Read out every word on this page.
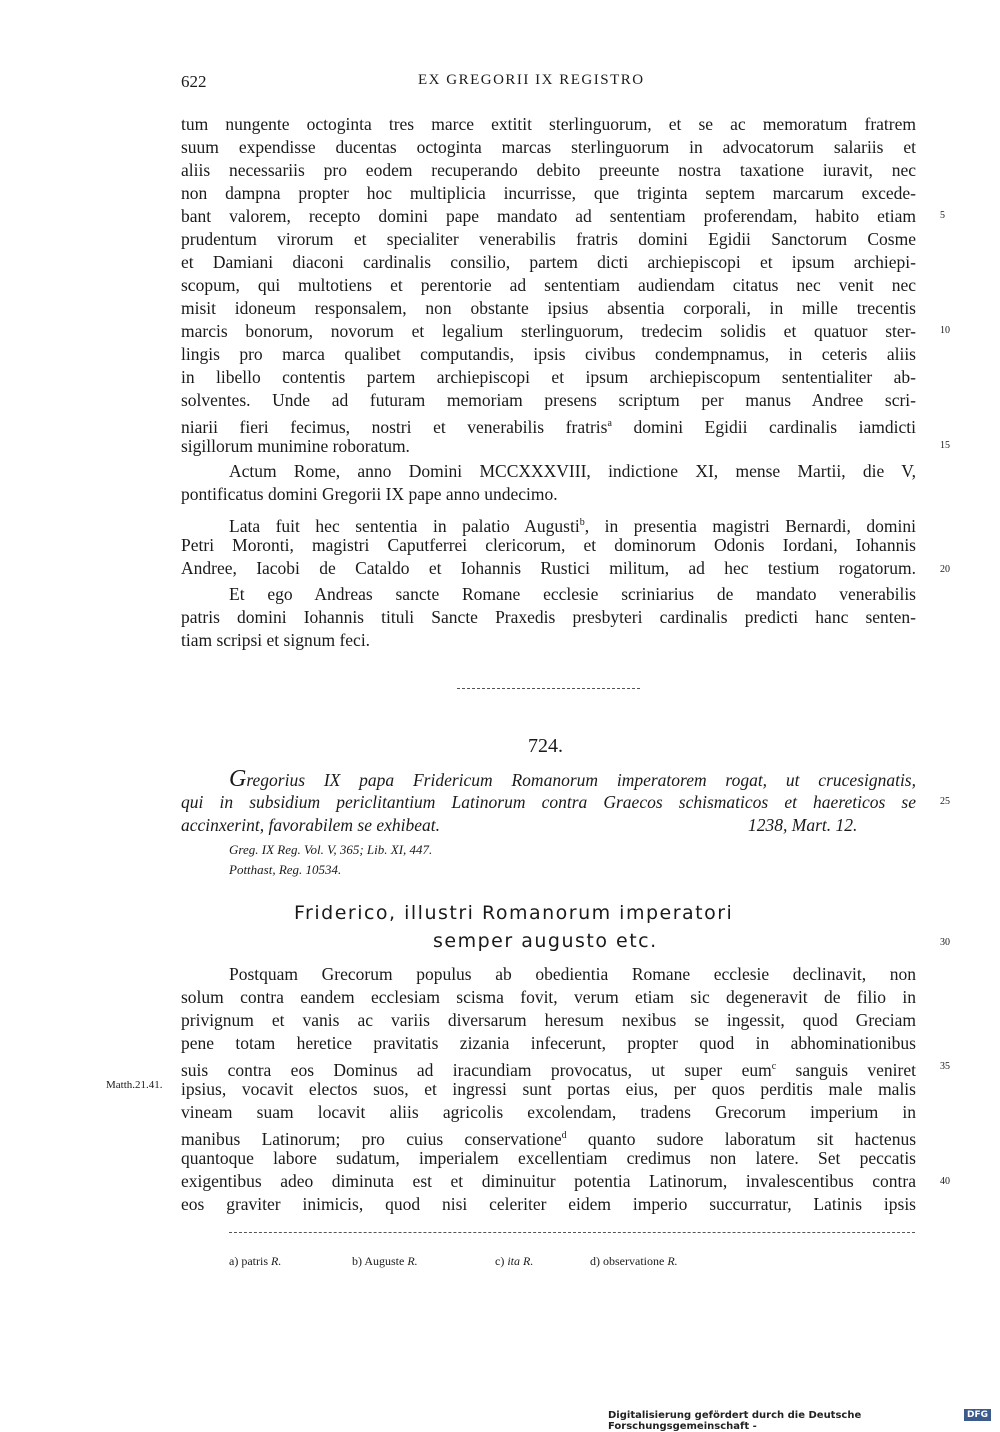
622	EX GREGORII IX REGISTRO
tum nungente octoginta tres marce extitit sterlinguorum, et se ac memoratum fratrem
suum expendisse ducentas octoginta marcas sterlinguorum in advocatorum salariis et
aliis necessariis pro eodem recuperando debito preeunte nostra taxatione iuravit, nec
non dampna propter hoc multiplicia incurrisse, que triginta septem marcarum excede-
bant valorem, recepto domini pape mandato ad sententiam proferendam, habito etiam
prudentum virorum et specialiter venerabilis fratris domini Egidii Sanctorum Cosme
et Damiani diaconi cardinalis consilio, partem dicti archiepiscopi et ipsum archiepi-
scopum, qui multotiens et perentorie ad sententiam audiendam citatus nec venit nec
misit idoneum responsalem, non obstante ipsius absentia corporali, in mille trecentis
marcis bonorum, novorum et legalium sterlinguorum, tredecim solidis et quatuor ster-
lingis pro marca qualibet computandis, ipsis civibus condempnamus, in ceteris aliis
in libello contentis partem archiepiscopi et ipsum archiepiscopum sententialiter ab-
solventes. Unde ad futuram memoriam presens scriptum per manus Andree scri-
niarii fieri fecimus, nostri et venerabilis fratris$^a$ domini Egidii cardinalis iamdicti
sigillorum munimine roboratum.
Actum Rome, anno Domini MCCXXXVIII, indictione XI, mense Martii, die V,
pontificatus domini Gregorii IX pape anno undecimo.
Lata fuit hec sententia in palatio Augusti$^b$, in presentia magistri Bernardi, domini
Petri Moronti, magistri Caputferrei clericorum, et dominorum Odonis Iordani, Iohannis
Andree, Iacobi de Cataldo et Iohannis Rustici militum, ad hec testium rogatorum.
Et ego Andreas sancte Romane ecclesie scriniarius de mandato venerabilis
patris domini Iohannis tituli Sancte Praxedis presbyteri cardinalis predicti hanc senten-
tiam scripsi et signum feci.
5
10
15
20
25
30
35
40
724.
Gregorius IX papa Fridericum Romanorum imperatorem rogat, ut crucesignatis,
qui in subsidium periclitantium Latinorum contra Graecos schismaticos et haereticos se
accinxerint, favorabilem se exhibeat.	1238, Mart. 12.
Greg. IX Reg. Vol. V, 365; Lib. XI, 447.
Potthast, Reg. 10534.
Friderico, illustri Romanorum imperatori
semper augusto etc.
Postquam Grecorum populus ab obedientia Romane ecclesie declinavit, non
solum contra eandem ecclesiam scisma fovit, verum etiam sic degeneravit de filio in
privignum et vanis ac variis diversarum heresum nexibus se ingessit, quod Greciam
pene totam heretice pravitatis zizania infecerunt, propter quod in abhominationibus
suis contra eos Dominus ad iracundiam provocatus, ut super eum$^c$ sanguis veniret
ipsius, vocavit electos suos, et ingressi sunt portas eius, per quos perditis male malis
vineam suam locavit aliis agricolis excolendam, tradens Grecorum imperium in
manibus Latinorum; pro cuius conservatione$^d$ quanto sudore laboratum sit hactenus
quantoque labore sudatum, imperialem excellentiam credimus non latere. Set peccatis
exigentibus adeo diminuta est et diminuitur potentia Latinorum, invalescentibus contra
eos graviter inimicis, quod nisi celeriter eidem imperio succurratur, Latinis ipsis
Matth.21.41.
a) patris R.	b) Auguste R.	c) ita R.	d) observatione R.
Digitalisierung gefördert durch die Deutsche Forschungsgemeinschaft -
DFG
